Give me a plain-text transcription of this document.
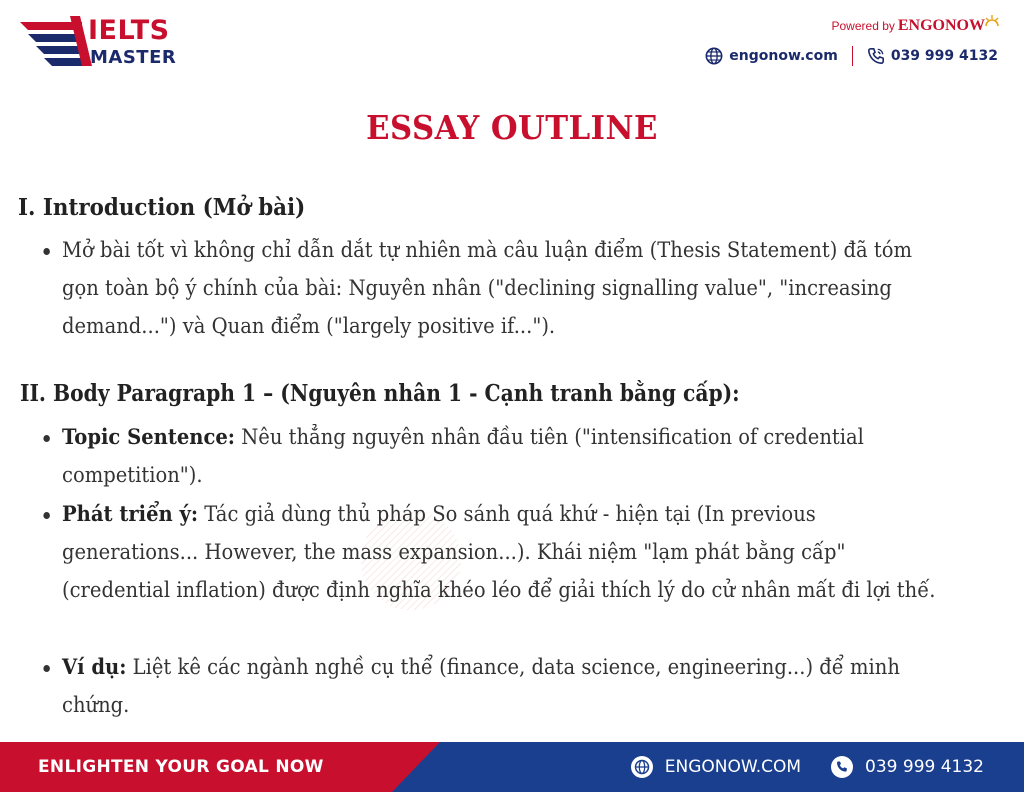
IELTS
MASTER
Powered by ENGONOW
engonow.com	039 999 4132
ESSAY OUTLINE
I. Introduction (Mở bài)
Mở bài tốt vì không chỉ dẫn dắt tự nhiên mà câu luận điểm (Thesis Statement) đã tóm gọn toàn bộ ý chính của bài: Nguyên nhân ("declining signalling value", "increasing demand...") và Quan điểm ("largely positive if...").
II. Body Paragraph 1 – (Nguyên nhân 1 - Cạnh tranh bằng cấp):
Topic Sentence: Nêu thẳng nguyên nhân đầu tiên ("intensification of credential competition").
Phát triển ý: Tác giả dùng thủ pháp So sánh quá khứ - hiện tại (In previous generations... However, the mass expansion...). Khái niệm "lạm phát bằng cấp" (credential inflation) được định nghĩa khéo léo để giải thích lý do cử nhân mất đi lợi thế.
Ví dụ: Liệt kê các ngành nghề cụ thể (finance, data science, engineering...) để minh chứng.
ENLIGHTEN YOUR GOAL NOW	ENGONOW.COM	039 999 4132
